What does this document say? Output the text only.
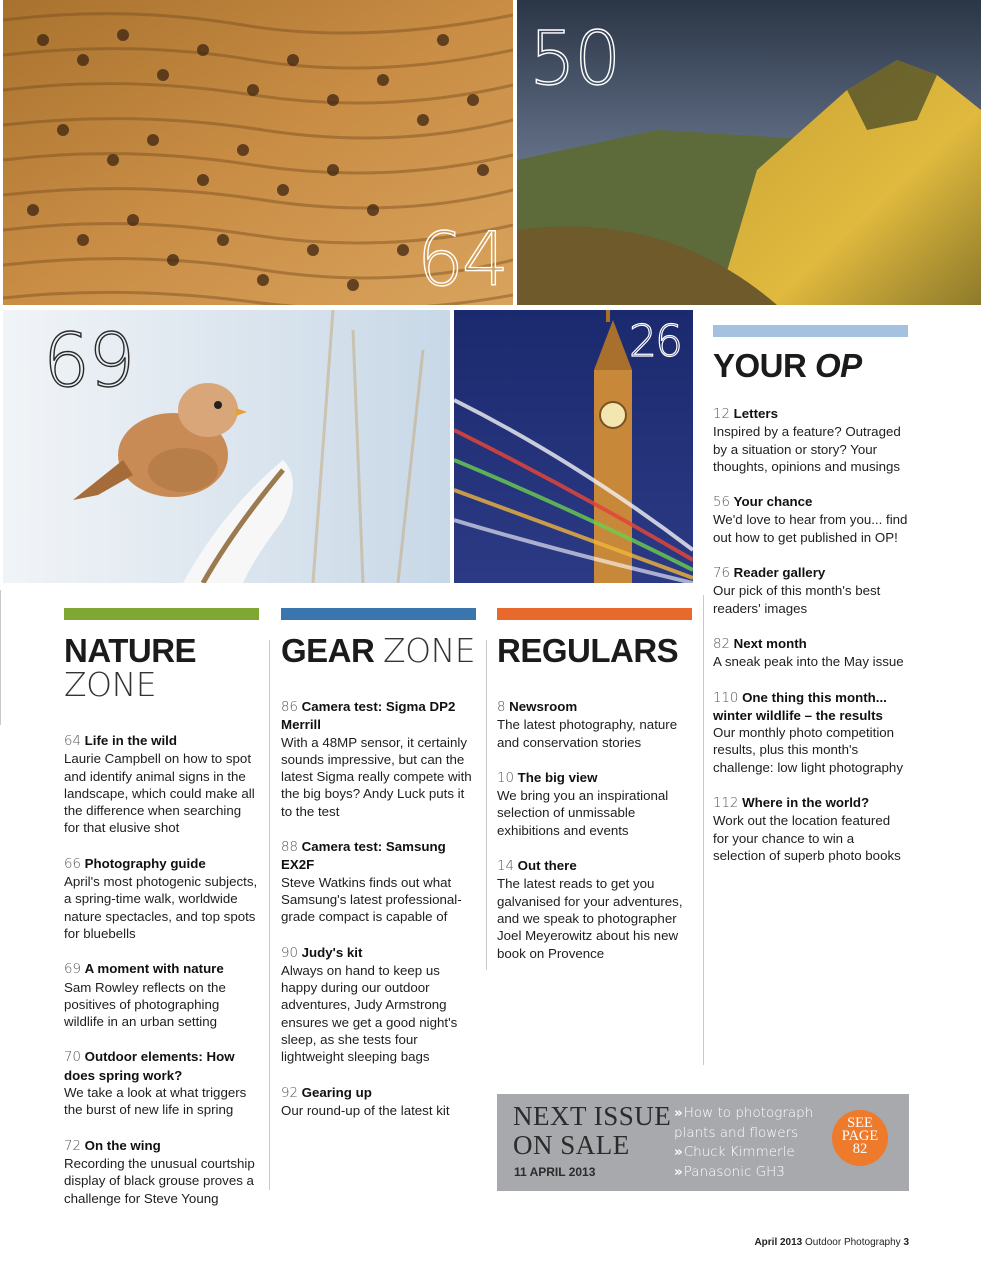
64
50
69	26
NATURE
ZONE
64 Life in the wild
Laurie Campbell on how to spot and identify animal signs in the landscape, which could make all the difference when searching for that elusive shot
66 Photography guide
April's most photogenic subjects, a spring-time walk, worldwide nature spectacles, and top spots for bluebells
69 A moment with nature
Sam Rowley reflects on the positives of photographing wildlife in an urban setting
70 Outdoor elements: How does spring work?
We take a look at what triggers the burst of new life in spring
72 On the wing
Recording the unusual courtship display of black grouse proves a challenge for Steve Young
GEAR ZONE
86 Camera test: Sigma DP2 Merrill
With a 48MP sensor, it certainly sounds impressive, but can the latest Sigma really compete with the big boys? Andy Luck puts it to the test
88 Camera test: Samsung EX2F
Steve Watkins finds out what Samsung's latest professional-grade compact is capable of
90 Judy's kit
Always on hand to keep us happy during our outdoor adventures, Judy Armstrong ensures we get a good night's sleep, as she tests four lightweight sleeping bags
92 Gearing up
Our round-up of the latest kit
REGULARS
8 Newsroom
The latest photography, nature and conservation stories
10 The big view
We bring you an inspirational selection of unmissable exhibitions and events
14 Out there
The latest reads to get you galvanised for your adventures, and we speak to photographer Joel Meyerowitz about his new book on Provence
YOUR OP
12 Letters
Inspired by a feature? Outraged by a situation or story? Your thoughts, opinions and musings
56 Your chance
We'd love to hear from you... find out how to get published in OP!
76 Reader gallery
Our pick of this month's best readers' images
82 Next month
A sneak peak into the May issue
110 One thing this month... winter wildlife – the results
Our monthly photo competition results, plus this month's challenge: low light photography
112 Where in the world?
Work out the location featured for your chance to win a selection of superb photo books
NEXT ISSUE
ON SALE
11 APRIL 2013
» How to photograph plants and flowers
» Chuck Kimmerle
» Panasonic GH3
SEE
PAGE
82
April 2013 Outdoor Photography 3
